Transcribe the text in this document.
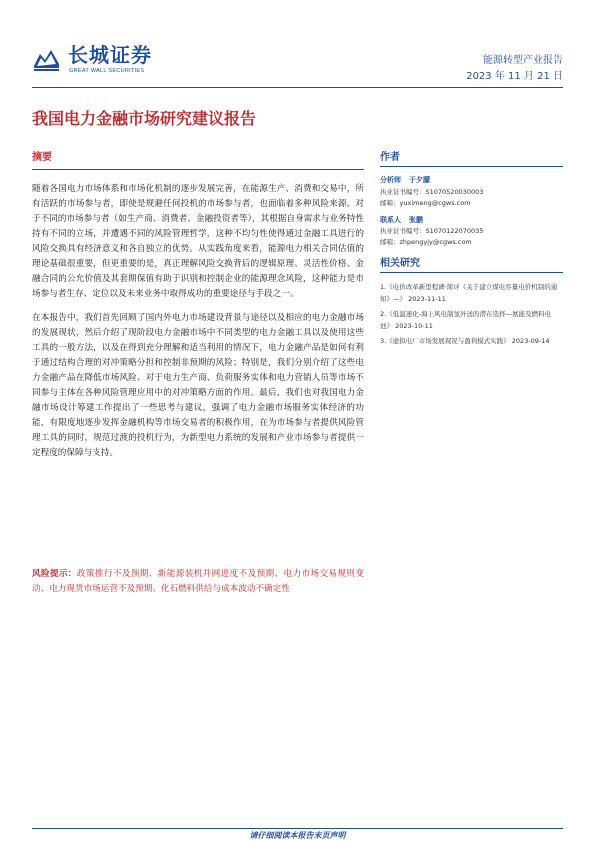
长城证券
GREAT WALL SECURITIES
能源转型产业报告
2023 年 11 月 21 日
我国电力金融市场研究建议报告
摘要

随着各国电力市场体系和市场化机制的逐步发展完善，在能源生产、消费和交易中，所有活跃的市场参与者，即使是规避任何投机的市场参与者，也面临着多种风险来源。对于不同的市场参与者（如生产商、消费者、金融投资者等），其根据自身需求与业务特性持有不同的立场，并遭遇不同的风险管理哲学，这种不均匀性使得通过金融工具进行的风险交换具有经济意义和各自独立的优势。从实践角度来看，能源电力相关合同估值的理论基础很重要，但更重要的是，真正理解风险交换背后的逻辑原理、灵活性价格、金融合同的公允价值及其套期保值有助于识别和控制企业的能源理念风险，这种能力是市场参与者生存、定位以及未来业务中取得成功的重要途径与手段之一。

在本报告中，我们首先回顾了国内外电力市场建设背景与途径以及相应的电力金融市场的发展现状，然后介绍了现阶段电力金融市场中不同类型的电力金融工具以及使用这些工具的一般方法，以及在得到充分理解和适当利用的情况下，电力金融产品是如何有利于通过结构合理的对冲策略分担和控制非预期的风险；特别是，我们分别介绍了这些电力金融产品在降低市场风险、对于电力生产商、负荷服务实体和电力营销人员等市场不同参与主体在各种风险管理应用中的对冲策略方面的作用。最后，我们也对我国电力金融市场设计筹建工作提出了一些思考与建议，强调了电力金融市场服务实体经济的功能，有限度地逐步发挥金融机构等市场交易者的积极作用，在为市场参与者提供风险管理工具的同时，规范过渡的投机行为，为新型电力系统的发展和产业市场参与者提供一定程度的保障与支持。

风险提示：政策推行不及预期、新能源装机并网进度不及预期、电力市场交易规则变动、电力现货市场运营不及预期、化石燃料供给与成本波动不确定性
作者
分析师 于夕朦
执业证书编号：S1070520030003
邮箱：yuximeng@cgws.com
联系人 张鹏
执业证书编号：S1070122070035
邮箱：zhpengyjy@cgws.com
相关研究
1.《电价改革新里程碑·简评《关于建立煤电容量电价机制的通知》—》 2023-11-11
2.《低温速化-海上风电制氢外送的潜在选择—氨能及燃料电池》 2023-10-11
3.《虚拟电厂市场发展现况与盈利模式实践》 2023-09-14
请仔细阅读本报告末页声明
